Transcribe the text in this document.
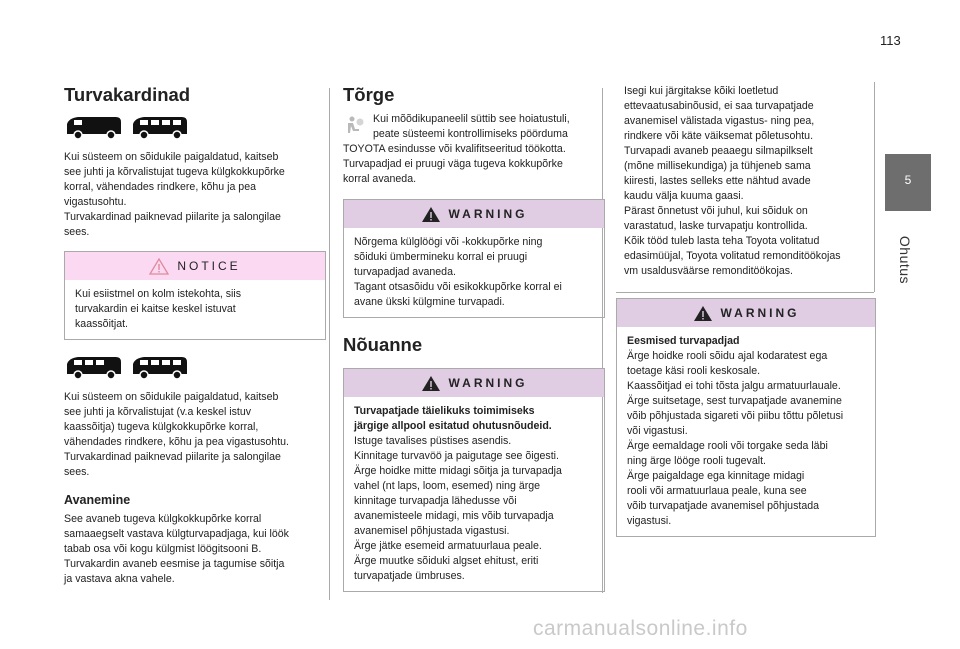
113
5
Ohutus
Turvakardinad

Kui süsteem on sõidukile paigaldatud, kaitseb

see juhti ja kõrvalistujat tugeva külgkokkupõrke

korral, vähendades rindkere, kõhu ja pea

vigastusohtu.

Turvakardinad paiknevad piilarite ja salongilae

sees.

NOTICE

Kui esiistmel on kolm istekohta, siis

turvakardin ei kaitse keskel istuvat

kaassõitjat.

Kui süsteem on sõidukile paigaldatud, kaitseb

see juhti ja kõrvalistujat (v.a keskel istuv

kaassõitja) tugeva külgkokkupõrke korral,

vähendades rindkere, kõhu ja pea vigastusohtu.

Turvakardinad paiknevad piilarite ja salongilae

sees.

Avanemine

See avaneb tugeva külgkokkupõrke korral

samaaegselt vastava külgturvapadjaga, kui löök

tabab osa või kogu külgmist löögitsooni B.

Turvakardin avaneb eesmise ja tagumise sõitja

ja vastava akna vahele.

Tõrge

Kui mõõdikupaneelil süttib see hoiatustuli,

peate süsteemi kontrollimiseks pöörduma

TOYOTA esindusse või kvalifitseeritud töökotta.

Turvapadjad ei pruugi väga tugeva kokkupõrke

korral avaneda.

WARNING

Nõrgema külglöögi või -kokkupõrke ning

sõiduki ümbermineku korral ei pruugi

turvapadjad avaneda.

Tagant otsasõidu või esikokkupõrke korral ei

avane ükski külgmine turvapadi.

Nõuanne
WARNING

Turvapatjade täielikuks toimimiseks

järgige allpool esitatud ohutusnõudeid.

Istuge tavalises püstises asendis.

Kinnitage turvavöö ja paigutage see õigesti.

Ärge hoidke mitte midagi sõitja ja turvapadja

vahel (nt laps, loom, esemed) ning ärge

kinnitage turvapadja lähedusse või

avanemisteele midagi, mis võib turvapadja

avanemisel põhjustada vigastusi.

Ärge jätke esemeid armatuurlaua peale.

Ärge muutke sõiduki algset ehitust, eriti

turvapatjade ümbruses.

Isegi kui järgitakse kõiki loetletud

ettevaatusabinõusid, ei saa turvapatjade

avanemisel välistada vigastus- ning pea,

rindkere või käte väiksemat põletusohtu.

Turvapadi avaneb peaaegu silmapilkselt

(mõne millisekundiga) ja tühjeneb sama

kiiresti, lastes selleks ette nähtud avade

kaudu välja kuuma gaasi.

Pärast õnnetust või juhul, kui sõiduk on

varastatud, laske turvapatju kontrollida.

Kõik tööd tuleb lasta teha Toyota volitatud

edasimüüjal, Toyota volitatud remonditöökojas

vm usaldusväärse remonditöökojas.

WARNING

Eesmised turvapadjad

Ärge hoidke rooli sõidu ajal kodaratest ega

toetage käsi rooli keskosale.

Kaassõitjad ei tohi tõsta jalgu armatuurlauale.

Ärge suitsetage, sest turvapatjade avanemine

võib põhjustada sigareti või piibu tõttu põletusi

või vigastusi.

Ärge eemaldage rooli või torgake seda läbi

ning ärge lööge rooli tugevalt.

Ärge paigaldage ega kinnitage midagi

rooli või armatuurlaua peale, kuna see

võib turvapatjade avanemisel põhjustada

vigastusi.

carmanualsonline.info
